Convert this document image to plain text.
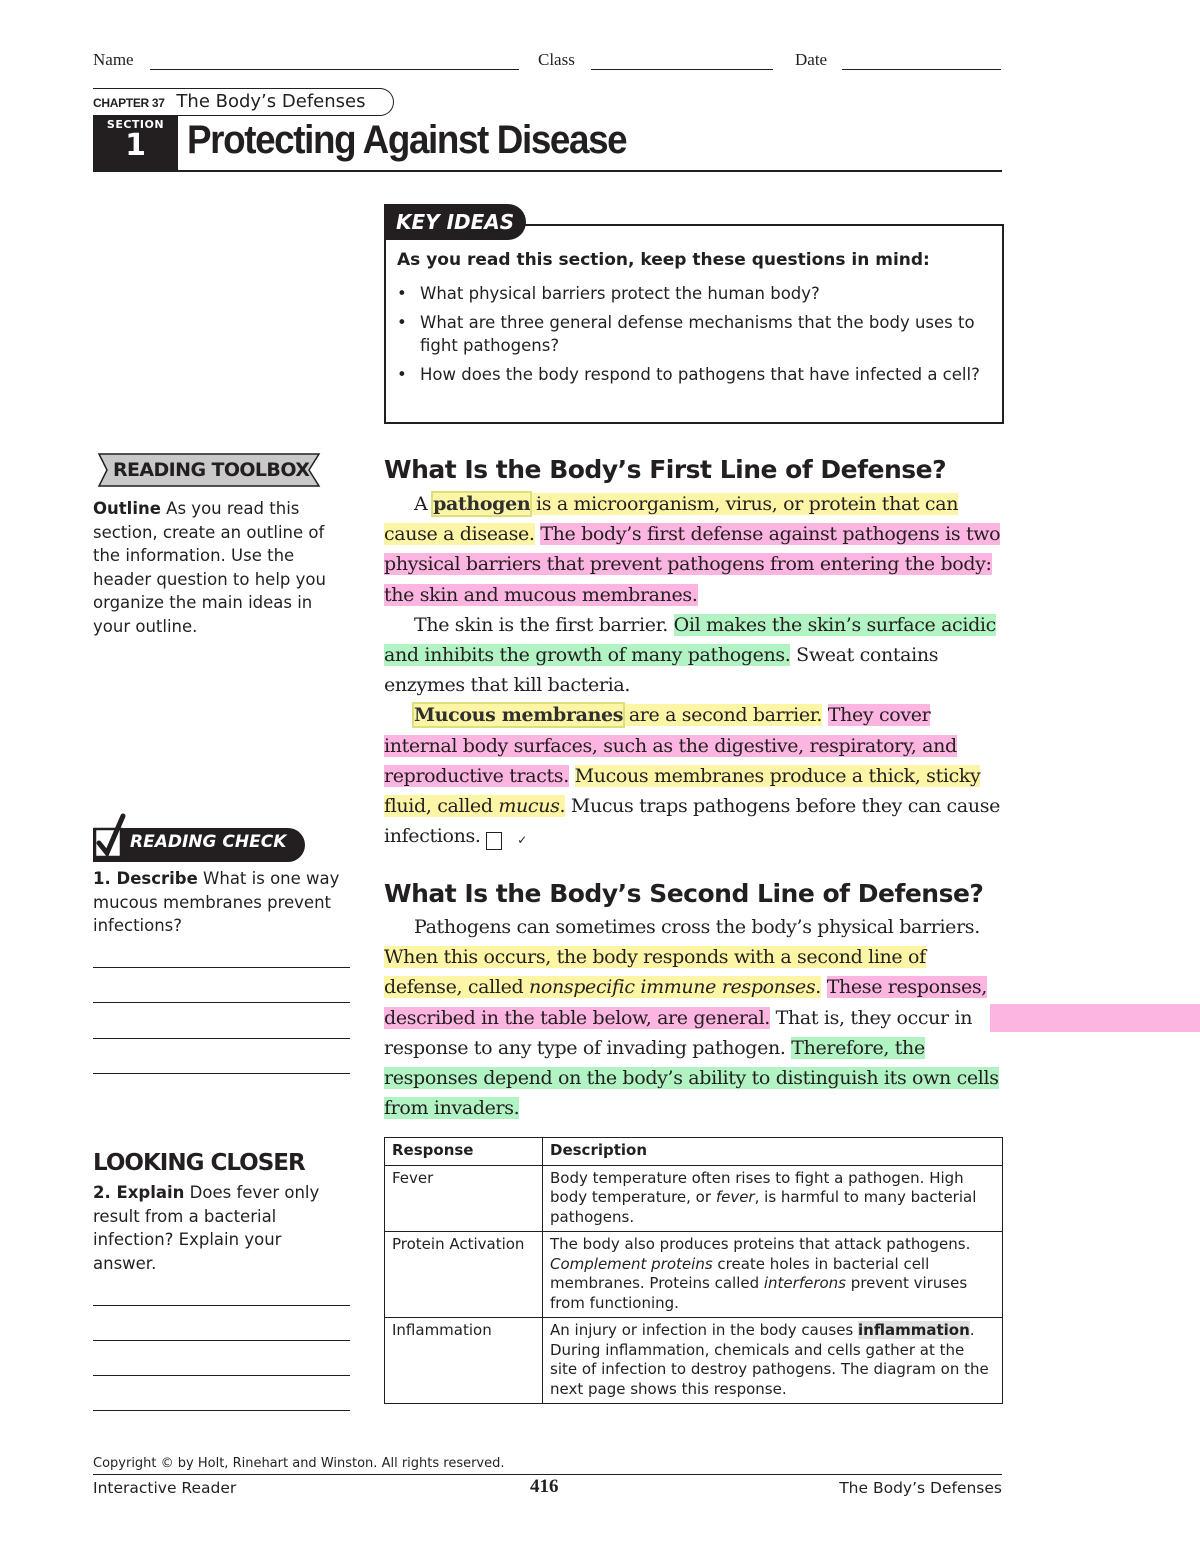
Name	Class	Date
CHAPTER 37 The Body’s Defenses
SECTION
1	Protecting Against Disease
KEY IDEAS
As you read this section, keep these questions in mind:
• What physical barriers protect the human body?
• What are three general defense mechanisms that the body uses to fight pathogens?
• How does the body respond to pathogens that have infected a cell?
READING TOOLBOX
Outline As you read this section, create an outline of the information. Use the header question to help you organize the main ideas in your outline.
READING CHECK
1. Describe What is one way mucous membranes prevent infections?
LOOKING CLOSER
2. Explain Does fever only result from a bacterial infection? Explain your answer.
What Is the Body’s First Line of Defense?

A pathogen is a microorganism, virus, or protein that can cause a disease. The body’s first defense against pathogens is two physical barriers that prevent pathogens from entering the body: the skin and mucous membranes.

The skin is the first barrier. Oil makes the skin’s surface acidic and inhibits the growth of many pathogens. Sweat contains enzymes that kill bacteria.

Mucous membranes are a second barrier. They cover internal body surfaces, such as the digestive, respiratory, and reproductive tracts. Mucous membranes produce a thick, sticky fluid, called mucus. Mucus traps pathogens before they can cause infections.	✓

What Is the Body’s Second Line of Defense?

Pathogens can sometimes cross the body’s physical barriers. When this occurs, the body responds with a second line of defense, called nonspecific immune responses. These responses, described in the table below, are general. That is, they occur in response to any type of invading pathogen. Therefore, the responses depend on the body’s ability to distinguish its own cells from invaders.

Response	Description
Fever	Body temperature often rises to fight a pathogen. High body temperature, or fever, is harmful to many bacterial pathogens.
Protein Activation	The body also produces proteins that attack pathogens. Complement proteins create holes in bacterial cell membranes. Proteins called interferons prevent viruses from functioning.
Inflammation	An injury or infection in the body causes inflammation. During inflammation, chemicals and cells gather at the site of infection to destroy pathogens. The diagram on the next page shows this response.
Copyright © by Holt, Rinehart and Winston. All rights reserved.
Interactive Reader	416	The Body’s Defenses
